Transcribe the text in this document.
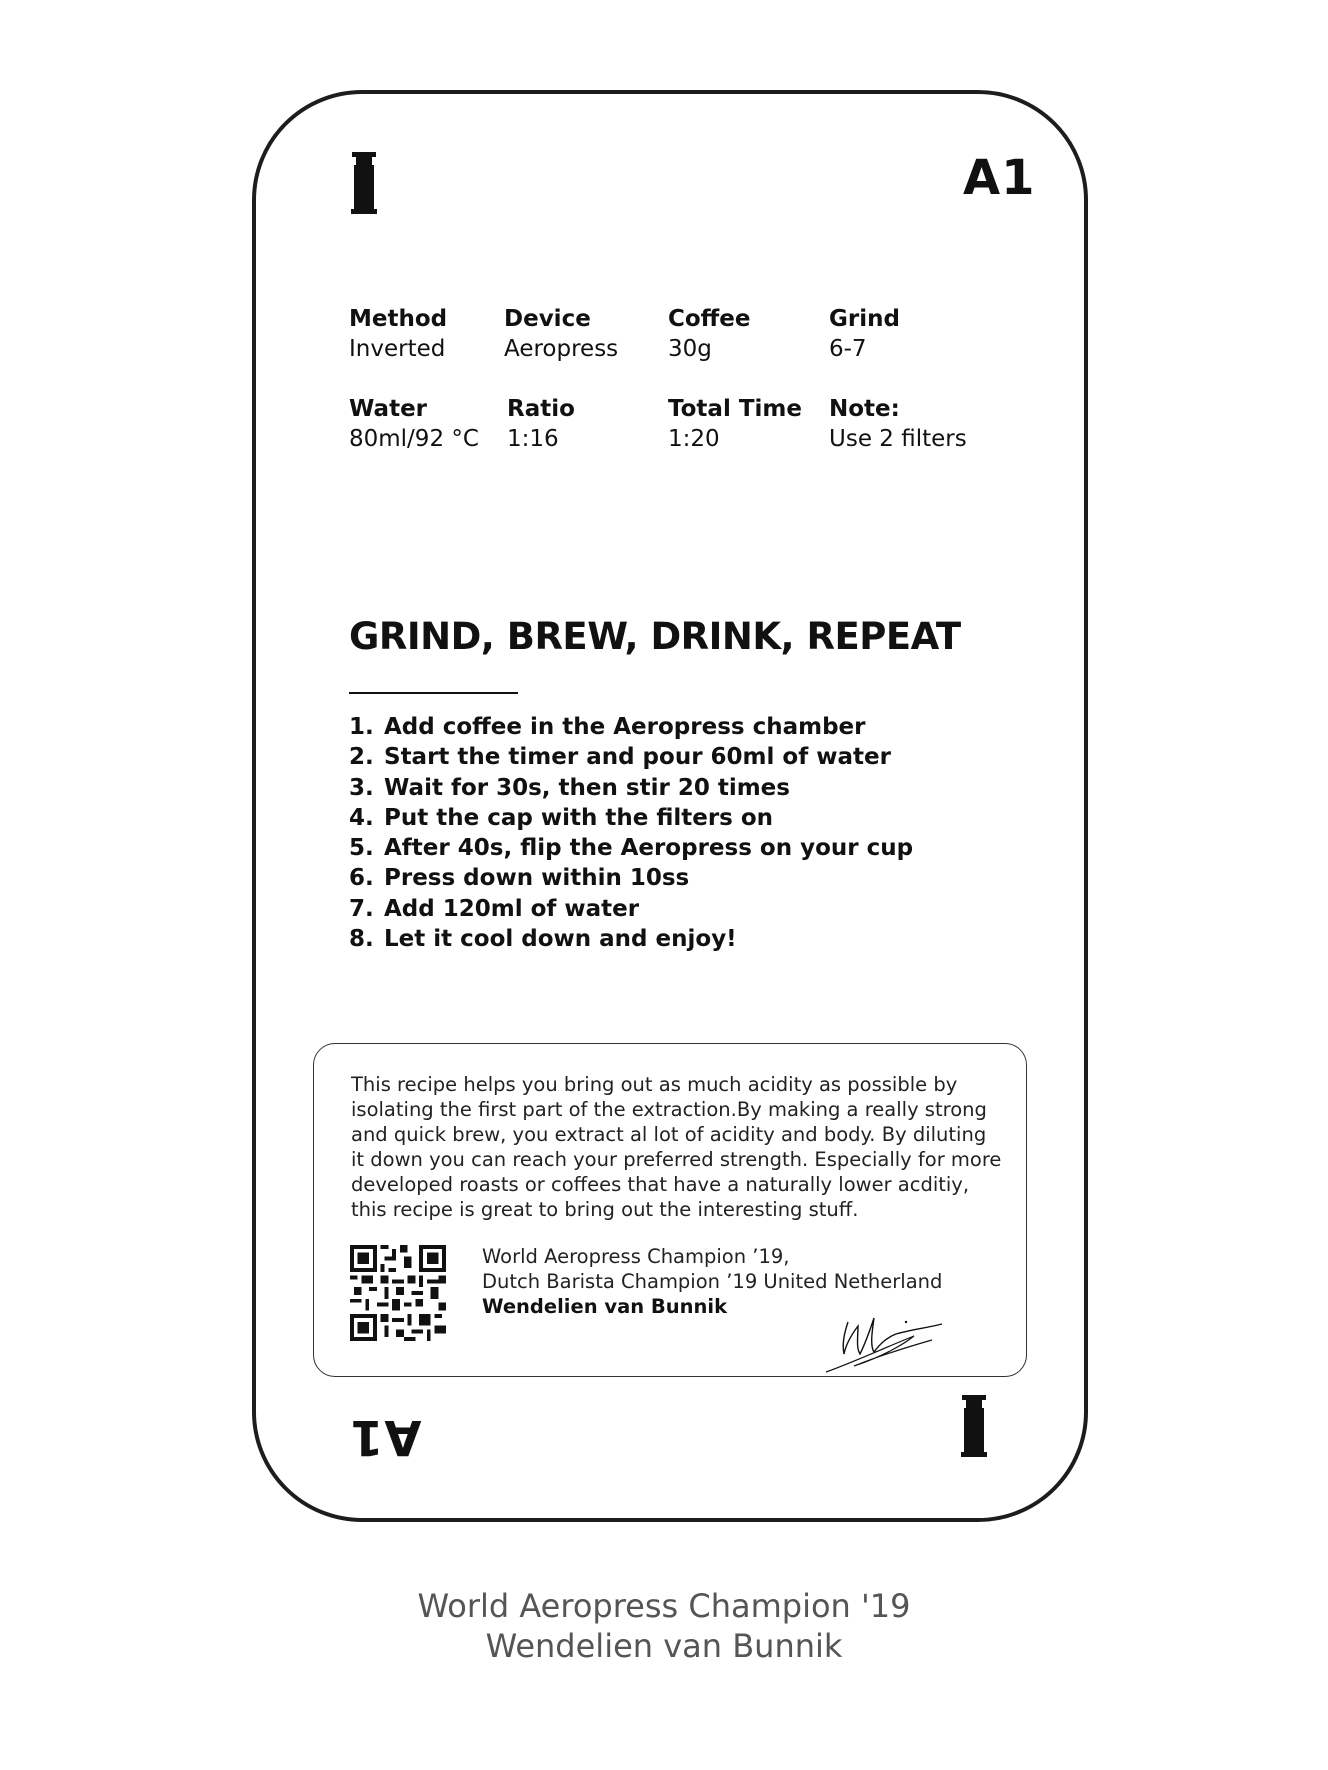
A1
Method
Inverted
Device
Aeropress
Coffee
30g
Grind
6-7
Water
80ml/92 °C
Ratio
1:16
Total Time
1:20
Note:
Use 2 filters
GRIND, BREW, DRINK, REPEAT
1. Add coffee in the Aeropress chamber
2. Start the timer and pour 60ml of water
3. Wait for 30s, then stir 20 times
4. Put the cap with the filters on
5. After 40s, flip the Aeropress on your cup
6. Press down within 10ss
7. Add 120ml of water
8. Let it cool down and enjoy!
This recipe helps you bring out as much acidity as possible by
isolating the first part of the extraction.By making a really strong
and quick brew, you extract al lot of acidity and body. By diluting
it down you can reach your preferred strength. Especially for more
developed roasts or coffees that have a naturally lower acditiy,
this recipe is great to bring out the interesting stuff.
World Aeropress Champion ’19,
Dutch Barista Champion ’19 United Netherland
Wendelien van Bunnik
A1
World Aeropress Champion '19
Wendelien van Bunnik
